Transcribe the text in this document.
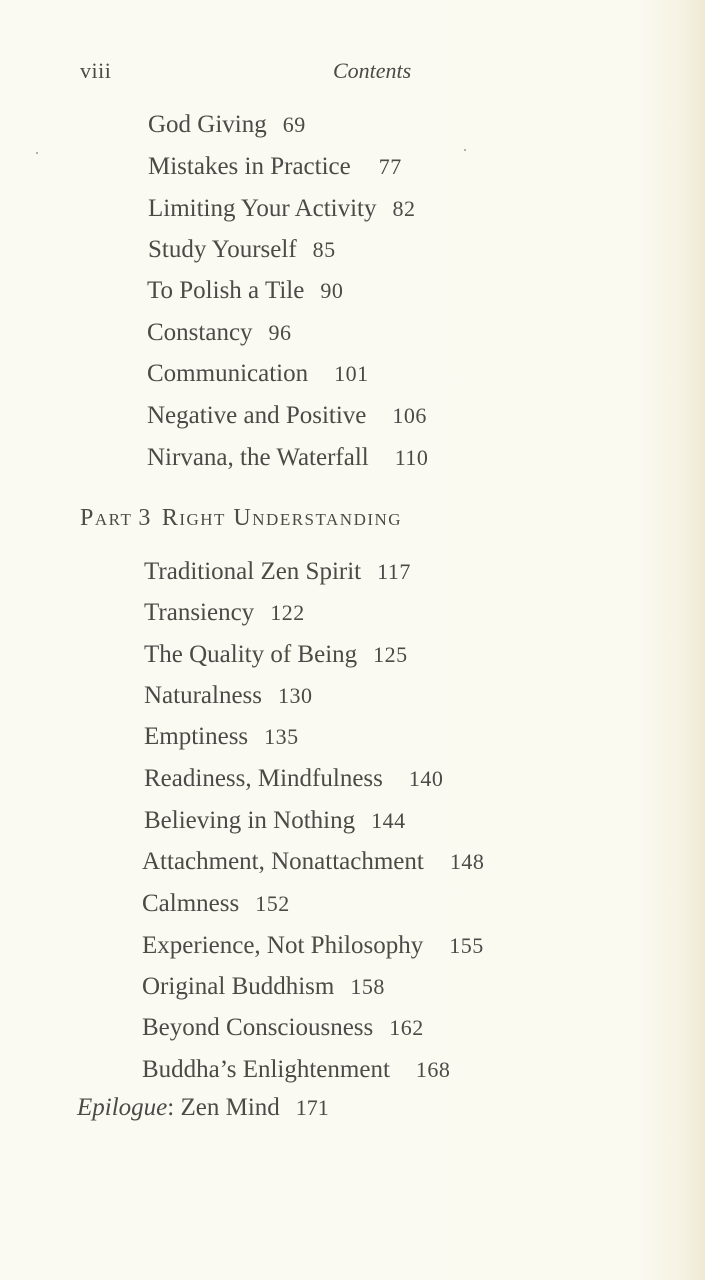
viii	Contents
God Giving 69
Mistakes in Practice 77
Limiting Your Activity 82
Study Yourself 85
To Polish a Tile 90
Constancy 96
Communication 101
Negative and Positive 106
Nirvana, the Waterfall 110
Part 3 Right Understanding
Traditional Zen Spirit 117
Transiency 122
The Quality of Being 125
Naturalness 130
Emptiness 135
Readiness, Mindfulness 140
Believing in Nothing 144
Attachment, Nonattachment 148
Calmness 152
Experience, Not Philosophy 155
Original Buddhism 158
Beyond Consciousness 162
Buddha’s Enlightenment 168
Epilogue: Zen Mind 171
